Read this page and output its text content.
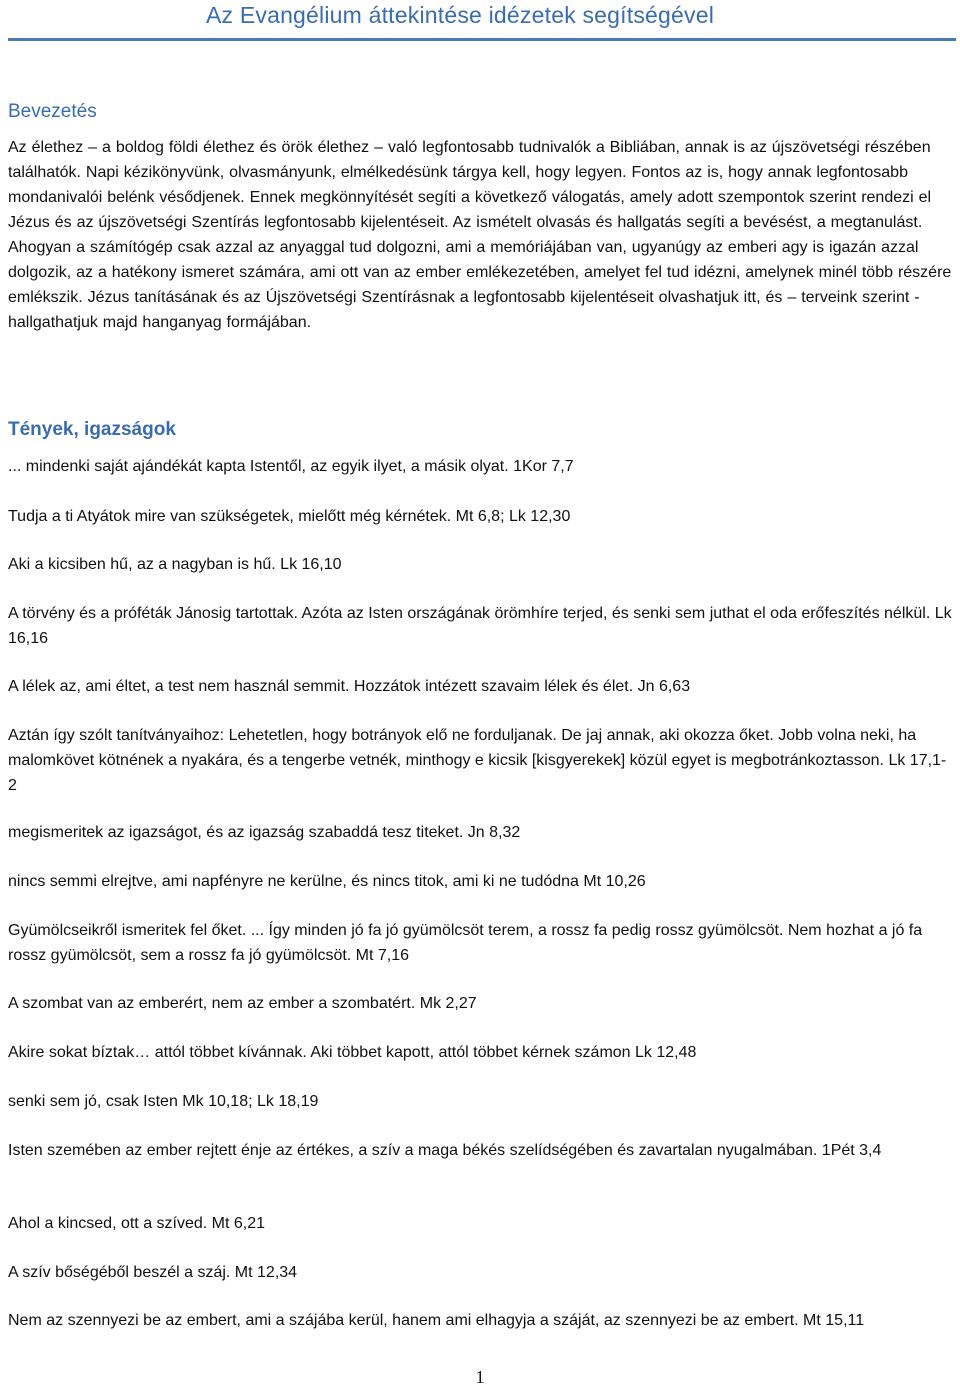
Az Evangélium áttekintése idézetek segítségével
Bevezetés
Az élethez – a boldog földi élethez és örök élethez – való legfontosabb tudnivalók a Bibliában, annak is az újszövetségi részében találhatók. Napi kézikönyvünk, olvasmányunk, elmélkedésünk tárgya kell, hogy legyen. Fontos az is, hogy annak legfontosabb mondanivalói belénk vésődjenek. Ennek megkönnyítését segíti a következő válogatás, amely adott szempontok szerint rendezi el Jézus és az újszövetségi Szentírás legfontosabb kijelentéseit. Az ismételt olvasás és hallgatás segíti a bevésést, a megtanulást. Ahogyan a számítógép csak azzal az anyaggal tud dolgozni, ami a memóriájában van, ugyanúgy az emberi agy is igazán azzal dolgozik, az a hatékony ismeret számára, ami ott van az ember emlékezetében, amelyet fel tud idézni, amelynek minél több részére emlékszik. Jézus tanításának és az Újszövetségi Szentírásnak a legfontosabb kijelentéseit olvashatjuk itt, és – terveink szerint - hallgathatjuk majd hanganyag formájában.
Tények, igazságok
... mindenki saját ajándékát kapta Istentől, az egyik ilyet, a másik olyat. 1Kor 7,7
Tudja a ti Atyátok mire van szükségetek, mielőtt még kérnétek. Mt 6,8; Lk 12,30
Aki a kicsiben hű, az a nagyban is hű. Lk 16,10
A törvény és a próféták Jánosig tartottak. Azóta az Isten országának örömhíre terjed, és senki sem juthat el oda erőfeszítés nélkül. Lk 16,16
A lélek az, ami éltet, a test nem használ semmit. Hozzátok intézett szavaim lélek és élet. Jn 6,63
Aztán így szólt tanítványaihoz: Lehetetlen, hogy botrányok elő ne forduljanak. De jaj annak, aki okozza őket. Jobb volna neki, ha malomkövet kötnének a nyakára, és a tengerbe vetnék, minthogy e kicsik [kisgyerekek] közül egyet is megbotránkoztasson. Lk 17,1-2
megismeritek az igazságot, és az igazság szabaddá tesz titeket. Jn 8,32
nincs semmi elrejtve, ami napfényre ne kerülne, és nincs titok, ami ki ne tudódna Mt 10,26
Gyümölcseikről ismeritek fel őket. ... Így minden jó fa jó gyümölcsöt terem, a rossz fa pedig rossz gyümölcsöt. Nem hozhat a jó fa rossz gyümölcsöt, sem a rossz fa jó gyümölcsöt. Mt 7,16
A szombat van az emberért, nem az ember a szombatért. Mk 2,27
Akire sokat bíztak… attól többet kívánnak. Aki többet kapott, attól többet kérnek számon Lk 12,48
senki sem jó, csak Isten Mk 10,18; Lk 18,19
Isten szemében az ember rejtett énje az értékes, a szív a maga békés szelídségében és zavartalan nyugalmában. 1Pét 3,4
Ahol a kincsed, ott a szíved. Mt 6,21
A szív bőségéből beszél a száj. Mt 12,34
Nem az szennyezi be az embert, ami a szájába kerül, hanem ami elhagyja a száját, az szennyezi be az embert. Mt 15,11
1
